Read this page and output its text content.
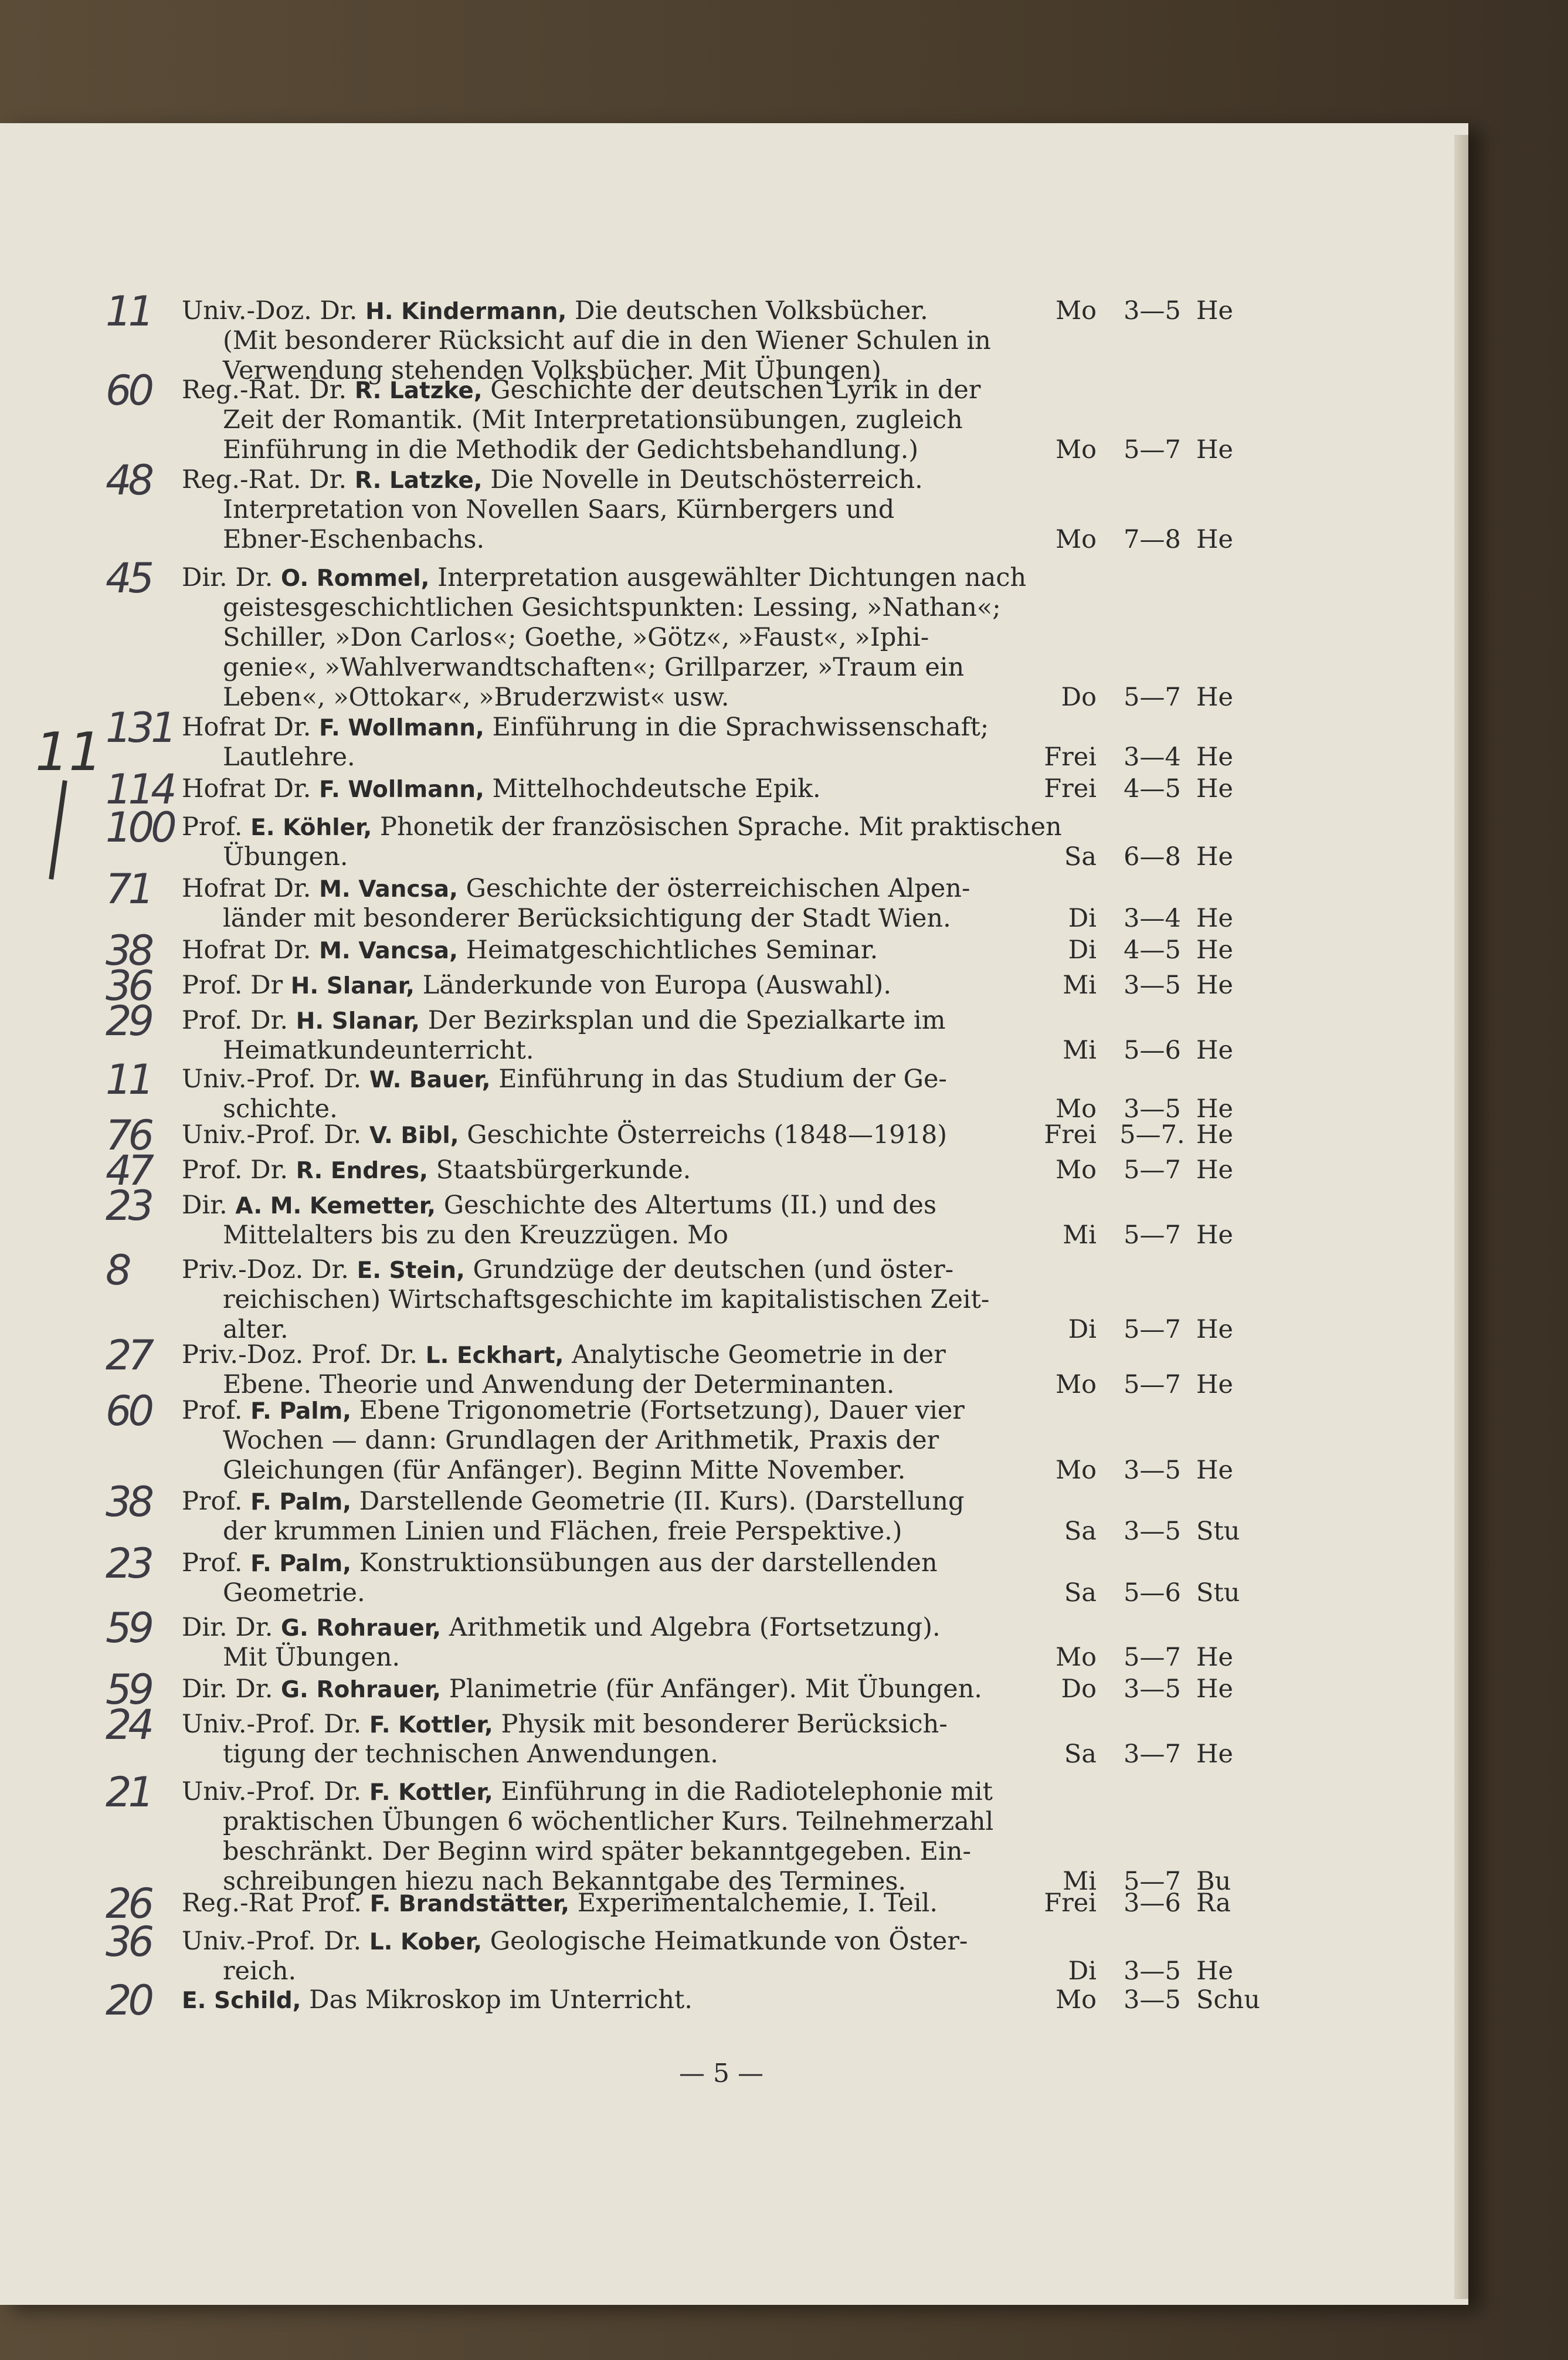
11
11	Univ.-Doz. Dr. H. Kindermann, Die deutschen Volksbücher.
(Mit besonderer Rücksicht auf die in den Wiener Schulen in
Verwendung stehenden Volksbücher. Mit Übungen)
Mo	3—5 He
60	Reg.-Rat. Dr. R. Latzke, Geschichte der deutschen Lyrik in der
Zeit der Romantik. (Mit Interpretationsübungen, zugleich
Einführung in die Methodik der Gedichtsbehandlung.)	Mo	5—7 He
48	Reg.-Rat. Dr. R. Latzke, Die Novelle in Deutschösterreich.
Interpretation von Novellen Saars, Kürnbergers und
Ebner-Eschenbachs.	Mo	7—8 He
45	Dir. Dr. O. Rommel, Interpretation ausgewählter Dichtungen nach
geistesgeschichtlichen Gesichtspunkten: Lessing, »Nathan«;
Schiller, »Don Carlos«; Goethe, »Götz«, »Faust«, »Iphi-
genie«, »Wahlverwandtschaften«; Grillparzer, »Traum ein
Leben«, »Ottokar«, »Bruderzwist« usw.	Do	5—7 He
131 Hofrat Dr. F. Wollmann, Einführung in die Sprachwissenschaft;
Lautlehre.	Frei	3—4 He
114 Hofrat Dr. F. Wollmann, Mittelhochdeutsche Epik.	Frei	4—5 He
100 Prof. E. Köhler, Phonetik der französischen Sprache. Mit praktischen
Übungen.	Sa	6—8 He
71	Hofrat Dr. M. Vancsa, Geschichte der österreichischen Alpen-
länder mit besonderer Berücksichtigung der Stadt Wien.	Di	3—4 He
38	Hofrat Dr. M. Vancsa, Heimatgeschichtliches Seminar.	Di	4—5 He
36	Prof. Dr H. Slanar, Länderkunde von Europa (Auswahl).	Mi	3—5 He
29	Prof. Dr. H. Slanar, Der Bezirksplan und die Spezialkarte im
Heimatkundeunterricht.	Mi	5—6 He
11	Univ.-Prof. Dr. W. Bauer, Einführung in das Studium der Ge-
schichte.	Mo	3—5 He
76	Univ.-Prof. Dr. V. Bibl, Geschichte Österreichs (1848—1918)	Frei 5—7. He
47	Prof. Dr. R. Endres, Staatsbürgerkunde.	Mo	5—7 He
23	Dir. A. M. Kemetter, Geschichte des Altertums (II.) und des
Mittelalters bis zu den Kreuzzügen. Mo	Mi	5—7 He
8	Priv.-Doz. Dr. E. Stein, Grundzüge der deutschen (und öster-
reichischen) Wirtschaftsgeschichte im kapitalistischen Zeit-
alter.	Di	5—7 He
27	Priv.-Doz. Prof. Dr. L. Eckhart, Analytische Geometrie in der
Ebene. Theorie und Anwendung der Determinanten.	Mo	5—7 He
60	Prof. F. Palm, Ebene Trigonometrie (Fortsetzung), Dauer vier
Wochen — dann: Grundlagen der Arithmetik, Praxis der
Gleichungen (für Anfänger). Beginn Mitte November.	Mo	3—5 He
38	Prof. F. Palm, Darstellende Geometrie (II. Kurs). (Darstellung
der krummen Linien und Flächen, freie Perspektive.)	Sa	3—5 Stu
23	Prof. F. Palm, Konstruktionsübungen aus der darstellenden
Geometrie.	Sa	5—6 Stu
59	Dir. Dr. G. Rohrauer, Arithmetik und Algebra (Fortsetzung).
Mit Übungen.	Mo	5—7 He
59	Dir. Dr. G. Rohrauer, Planimetrie (für Anfänger). Mit Übungen.	Do	3—5 He
24	Univ.-Prof. Dr. F. Kottler, Physik mit besonderer Berücksich-
tigung der technischen Anwendungen.	Sa	3—7 He
21	Univ.-Prof. Dr. F. Kottler, Einführung in die Radiotelephonie mit
praktischen Übungen 6 wöchentlicher Kurs. Teilnehmerzahl
beschränkt. Der Beginn wird später bekanntgegeben. Ein-
schreibungen hiezu nach Bekanntgabe des Termines.	Mi	5—7 Bu
26	Reg.-Rat Prof. F. Brandstätter, Experimentalchemie, I. Teil.	Frei	3—6 Ra
36	Univ.-Prof. Dr. L. Kober, Geologische Heimatkunde von Öster-
reich.	Di	3—5 He
20	E. Schild, Das Mikroskop im Unterricht.	Mo	3—5 Schu
— 5 —
